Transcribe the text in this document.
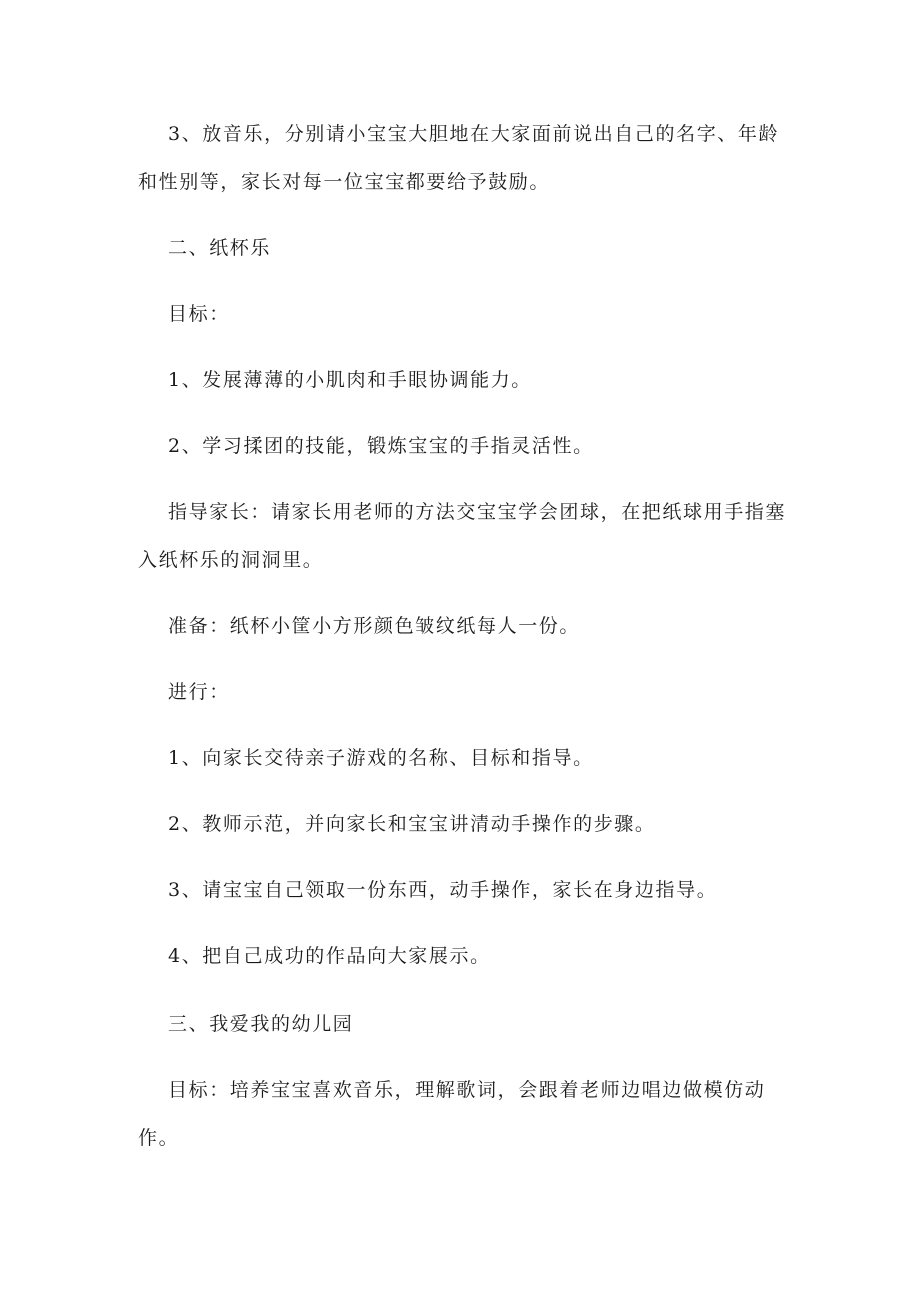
3、放音乐，分别请小宝宝大胆地在大家面前说出自己的名字、年龄

和性别等，家长对每一位宝宝都要给予鼓励。

二、纸杯乐

目标：

1、发展薄薄的小肌肉和手眼协调能力。

2、学习揉团的技能，锻炼宝宝的手指灵活性。

指导家长：请家长用老师的方法交宝宝学会团球，在把纸球用手指塞

入纸杯乐的洞洞里。

准备：纸杯小筐小方形颜色皱纹纸每人一份。

进行：

1、向家长交待亲子游戏的名称、目标和指导。

2、教师示范，并向家长和宝宝讲清动手操作的步骤。

3、请宝宝自己领取一份东西，动手操作，家长在身边指导。

4、把自己成功的作品向大家展示。

三、我爱我的幼儿园

目标：培养宝宝喜欢音乐，理解歌词，会跟着老师边唱边做模仿动

作。
